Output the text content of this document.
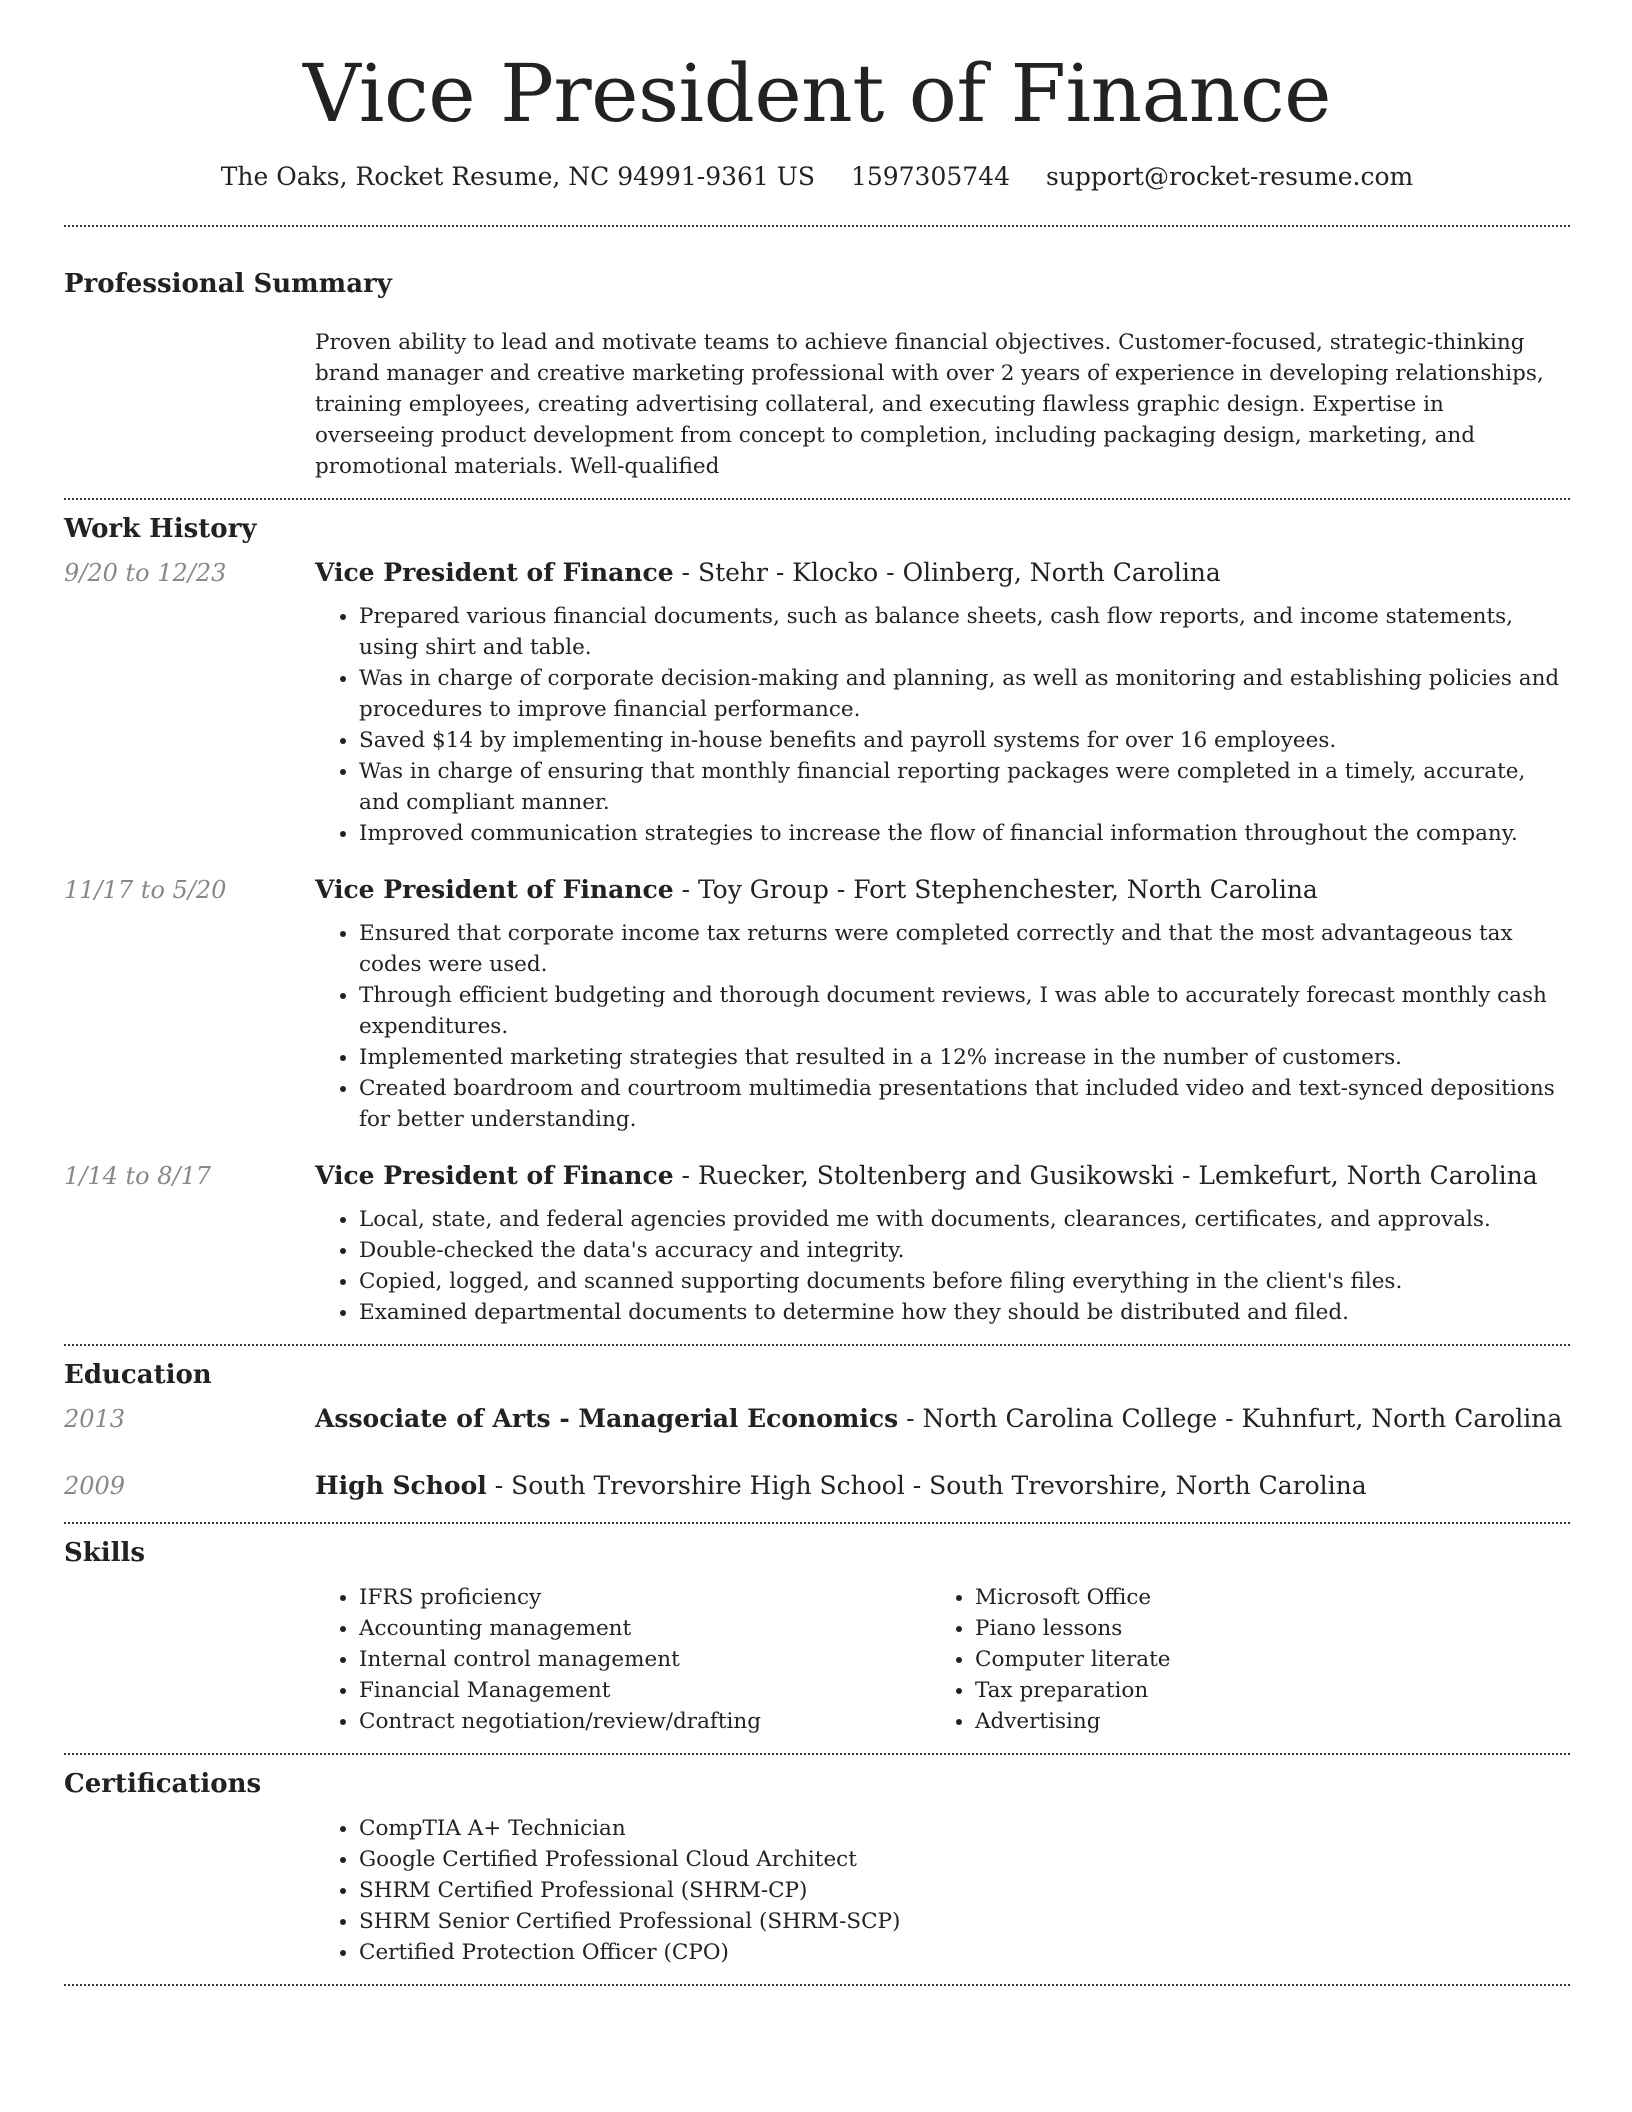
Vice President of Finance
The Oaks, Rocket Resume, NC 94991-9361 US 1597305744 support@rocket-resume.com
Professional Summary
Proven ability to lead and motivate teams to achieve financial objectives. Customer-focused, strategic-thinking brand manager and creative marketing professional with over 2 years of experience in developing relationships, training employees, creating advertising collateral, and executing flawless graphic design. Expertise in overseeing product development from concept to completion, including packaging design, marketing, and promotional materials. Well-qualified
Work History
9/20 to 12/23	Vice President of Finance - Stehr - Klocko - Olinberg, North Carolina
• Prepared various financial documents, such as balance sheets, cash flow reports, and income statements, using shirt and table.
• Was in charge of corporate decision-making and planning, as well as monitoring and establishing policies and procedures to improve financial performance.
• Saved $14 by implementing in-house benefits and payroll systems for over 16 employees.
• Was in charge of ensuring that monthly financial reporting packages were completed in a timely, accurate, and compliant manner.
• Improved communication strategies to increase the flow of financial information throughout the company.
11/17 to 5/20	Vice President of Finance - Toy Group - Fort Stephenchester, North Carolina
• Ensured that corporate income tax returns were completed correctly and that the most advantageous tax codes were used.
• Through efficient budgeting and thorough document reviews, I was able to accurately forecast monthly cash expenditures.
• Implemented marketing strategies that resulted in a 12% increase in the number of customers.
• Created boardroom and courtroom multimedia presentations that included video and text-synced depositions for better understanding.
1/14 to 8/17	Vice President of Finance - Ruecker, Stoltenberg and Gusikowski - Lemkefurt, North Carolina
• Local, state, and federal agencies provided me with documents, clearances, certificates, and approvals.
• Double-checked the data's accuracy and integrity.
• Copied, logged, and scanned supporting documents before filing everything in the client's files.
• Examined departmental documents to determine how they should be distributed and filed.
Education
2013	Associate of Arts - Managerial Economics - North Carolina College - Kuhnfurt, North Carolina
2009	High School - South Trevorshire High School - South Trevorshire, North Carolina
Skills
• IFRS proficiency
• Accounting management
• Internal control management
• Financial Management
• Contract negotiation/review/drafting
• Microsoft Office
• Piano lessons
• Computer literate
• Tax preparation
• Advertising
Certifications
• CompTIA A+ Technician
• Google Certified Professional Cloud Architect
• SHRM Certified Professional (SHRM-CP)
• SHRM Senior Certified Professional (SHRM-SCP)
• Certified Protection Officer (CPO)
